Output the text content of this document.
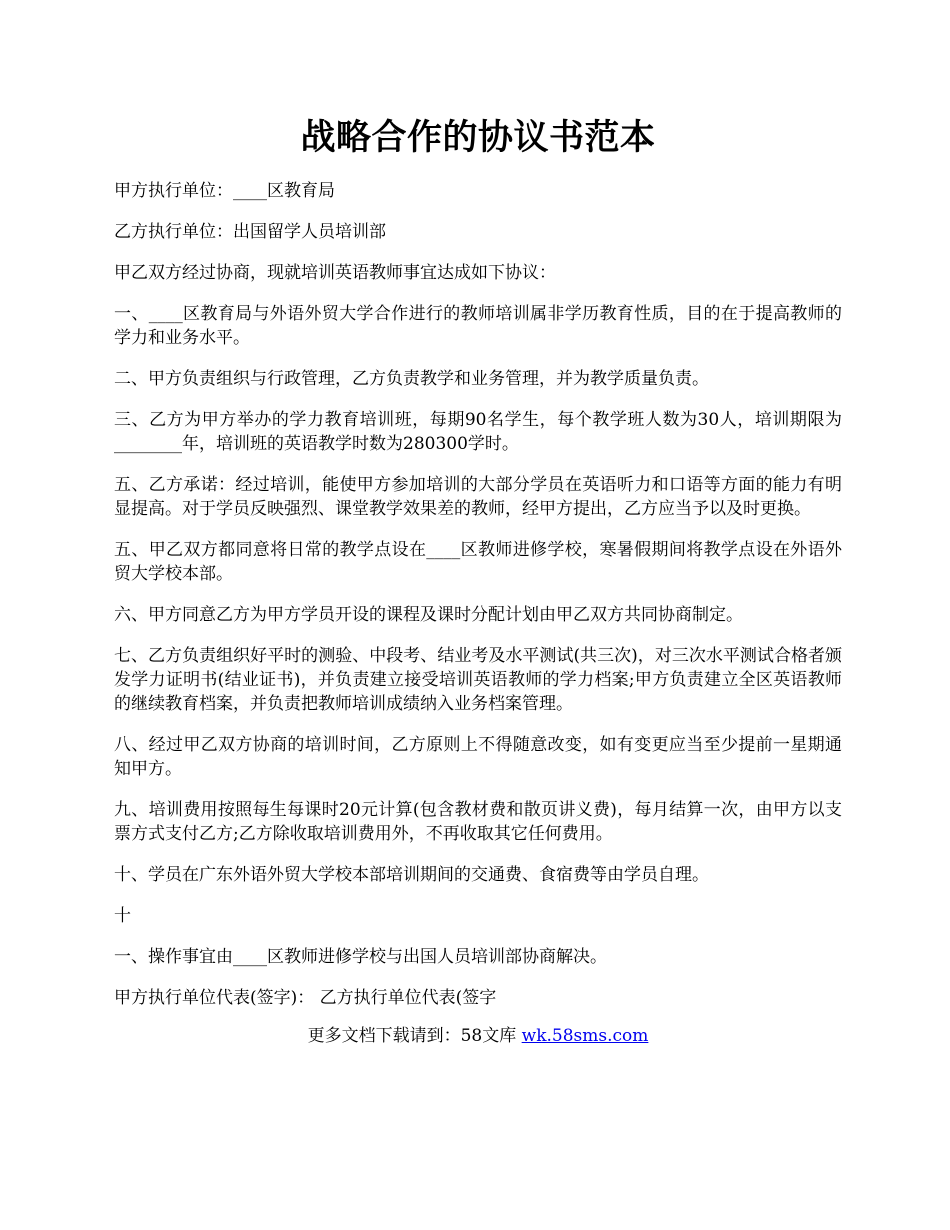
战略合作的协议书范本

甲方执行单位：____区教育局

乙方执行单位：出国留学人员培训部

甲乙双方经过协商，现就培训英语教师事宜达成如下协议：

一、____区教育局与外语外贸大学合作进行的教师培训属非学历教育性质，目的在于提高教师的学力和业务水平。

二、甲方负责组织与行政管理，乙方负责教学和业务管理，并为教学质量负责。

三、乙方为甲方举办的学力教育培训班，每期90名学生，每个教学班人数为30人，培训期限为________年，培训班的英语教学时数为280300学时。

五、乙方承诺：经过培训，能使甲方参加培训的大部分学员在英语听力和口语等方面的能力有明显提高。对于学员反映强烈、课堂教学效果差的教师，经甲方提出，乙方应当予以及时更换。

五、甲乙双方都同意将日常的教学点设在____区教师进修学校，寒暑假期间将教学点设在外语外贸大学校本部。

六、甲方同意乙方为甲方学员开设的课程及课时分配计划由甲乙双方共同协商制定。

七、乙方负责组织好平时的测验、中段考、结业考及水平测试(共三次)，对三次水平测试合格者颁发学力证明书(结业证书)，并负责建立接受培训英语教师的学力档案;甲方负责建立全区英语教师的继续教育档案，并负责把教师培训成绩纳入业务档案管理。

八、经过甲乙双方协商的培训时间，乙方原则上不得随意改变，如有变更应当至少提前一星期通知甲方。

九、培训费用按照每生每课时20元计算(包含教材费和散页讲义费)，每月结算一次，由甲方以支票方式支付乙方;乙方除收取培训费用外，不再收取其它任何费用。

十、学员在广东外语外贸大学校本部培训期间的交通费、食宿费等由学员自理。

十

一、操作事宜由____区教师进修学校与出国人员培训部协商解决。

甲方执行单位代表(签字)： 乙方执行单位代表(签字

更多文档下载请到：58文库 wk.58sms.com
